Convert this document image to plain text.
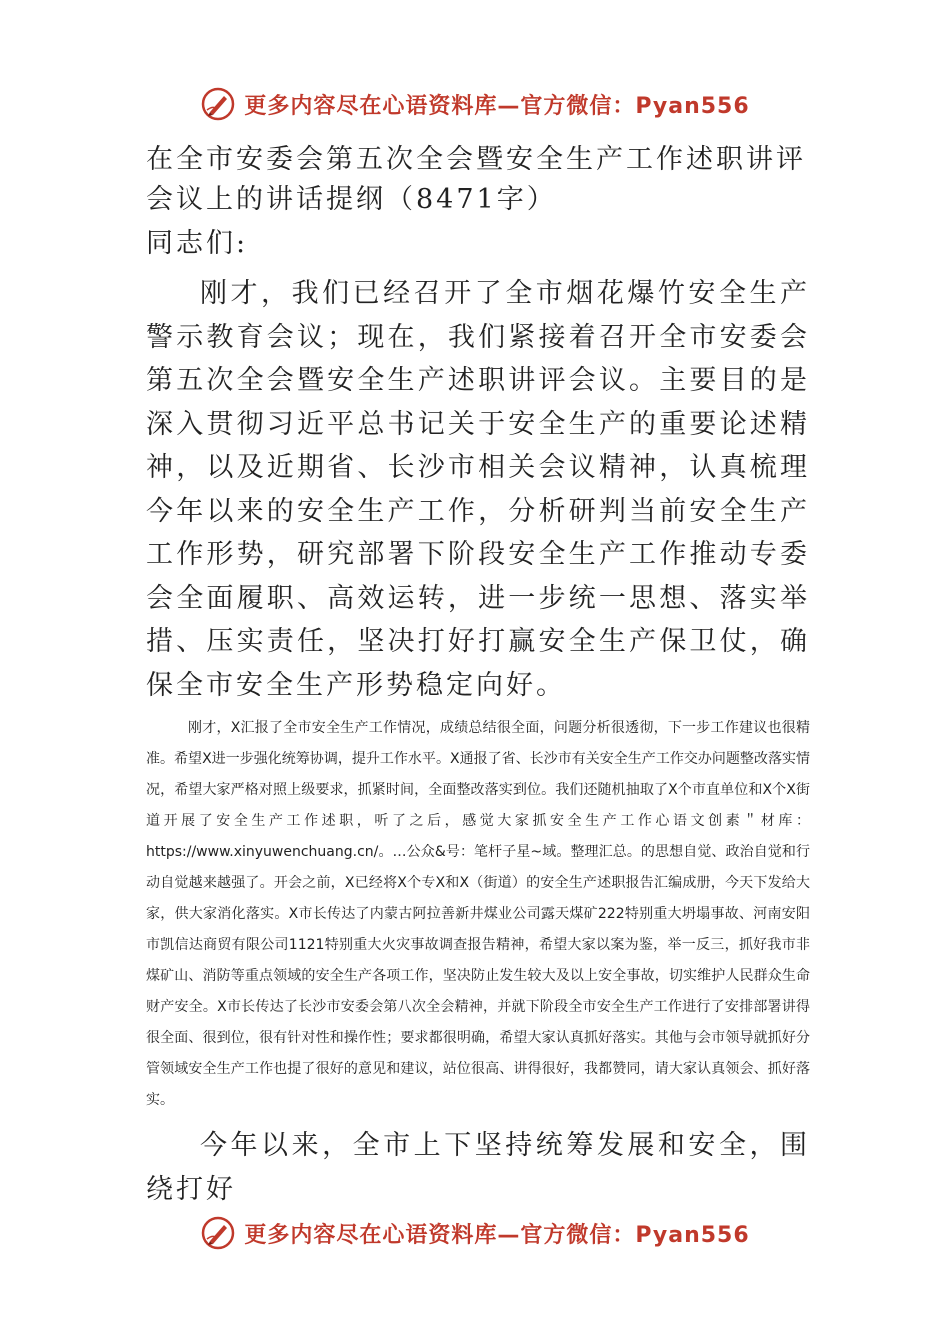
更多内容尽在心语资料库—官方微信：Pyan556
在全市安委会第五次全会暨安全生产工作述职讲评会议上的讲话提纲（8471字）

同志们:

刚才，我们已经召开了全市烟花爆竹安全生产警示教育会议；现在，我们紧接着召开全市安委会第五次全会暨安全生产述职讲评会议。主要目的是深入贯彻习近平总书记关于安全生产的重要论述精神，以及近期省、长沙市相关会议精神，认真梳理今年以来的安全生产工作，分析研判当前安全生产工作形势，研究部署下阶段安全生产工作推动专委会全面履职、高效运转，进一步统一思想、落实举措、压实责任，坚决打好打赢安全生产保卫仗，确保全市安全生产形势稳定向好。

刚才，X汇报了全市安全生产工作情况，成绩总结很全面，问题分析很透彻，下一步工作建议也很精准。希望X进一步强化统筹协调，提升工作水平。X通报了省、长沙市有关安全生产工作交办问题整改落实情况，希望大家严格对照上级要求，抓紧时间，全面整改落实到位。我们还随机抽取了X个市直单位和X个X街道开展了安全生产工作述职，听了之后，感觉大家抓安全生产工作心语文创素＂材库：https://www.xinyuwenchuang.cn/。…公众&号：笔杆子星~域。整理汇总。的思想自觉、政治自觉和行动自觉越来越强了。开会之前，X已经将X个专X和X（街道）的安全生产述职报告汇编成册，今天下发给大家，供大家消化落实。X市长传达了内蒙古阿拉善新井煤业公司露天煤矿222特别重大坍塌事故、河南安阳市凯信达商贸有限公司1121特别重大火灾事故调查报告精神，希望大家以案为鉴，举一反三，抓好我市非煤矿山、消防等重点领域的安全生产各项工作，坚决防止发生较大及以上安全事故，切实维护人民群众生命财产安全。X市长传达了长沙市安委会第八次全会精神，并就下阶段全市安全生产工作进行了安排部署讲得很全面、很到位，很有针对性和操作性；要求都很明确，希望大家认真抓好落实。其他与会市领导就抓好分管领域安全生产工作也提了很好的意见和建议，站位很高、讲得很好，我都赞同，请大家认真领会、抓好落实。

今年以来，全市上下坚持统筹发展和安全，围绕打好

更多内容尽在心语资料库—官方微信：Pyan556
